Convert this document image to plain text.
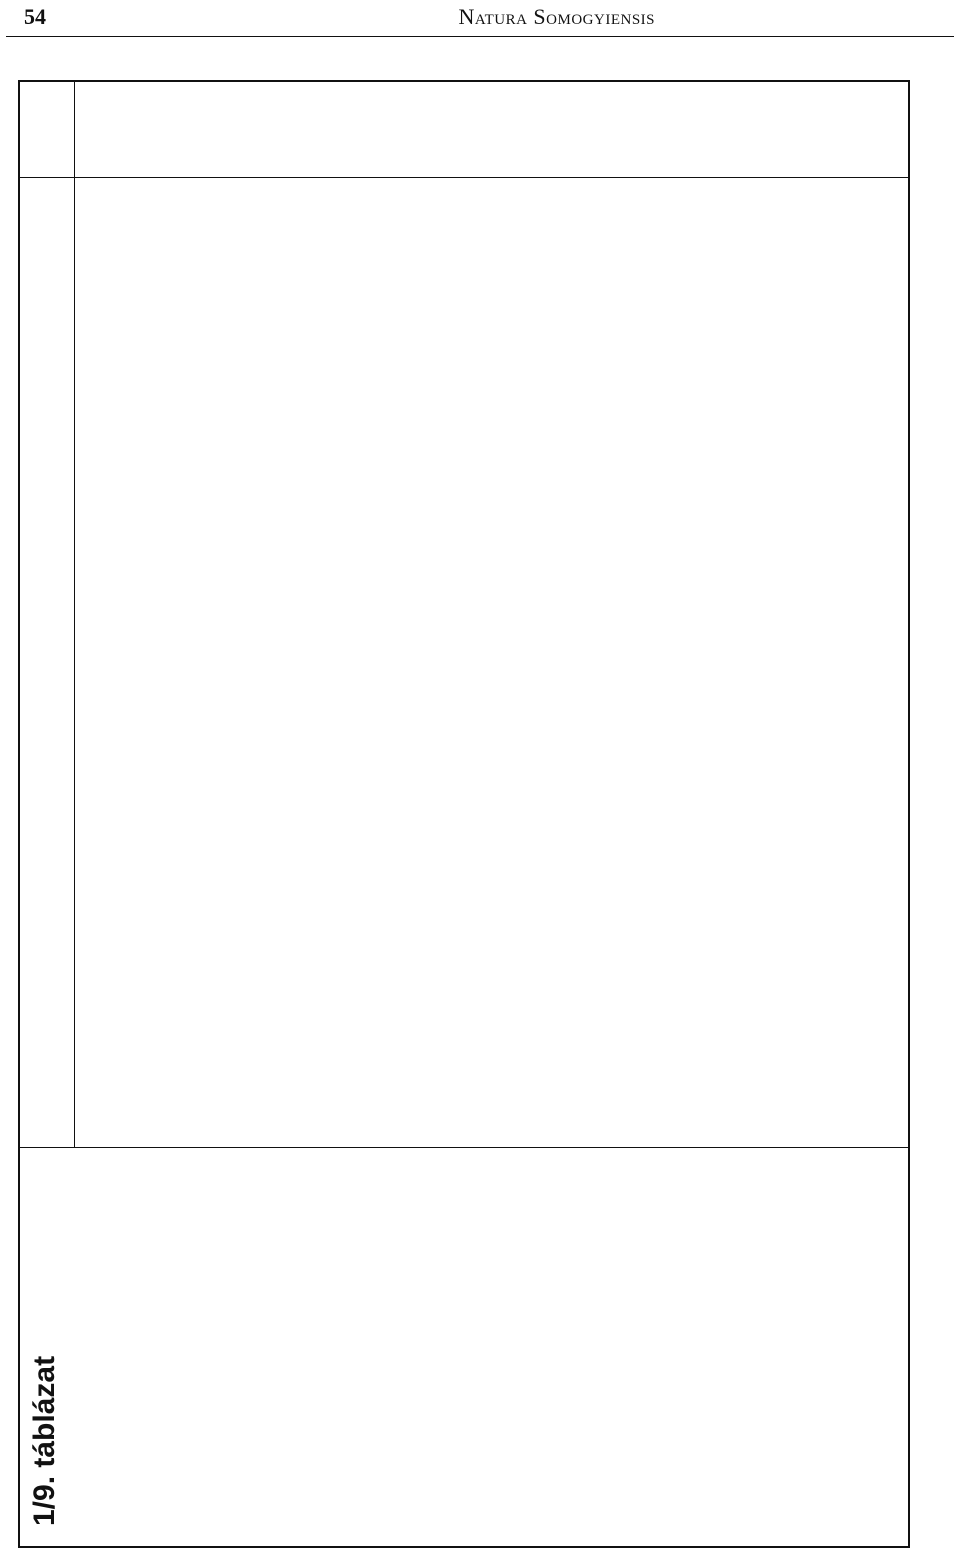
54	Natura Somogyiensis
1/9. táblázat
